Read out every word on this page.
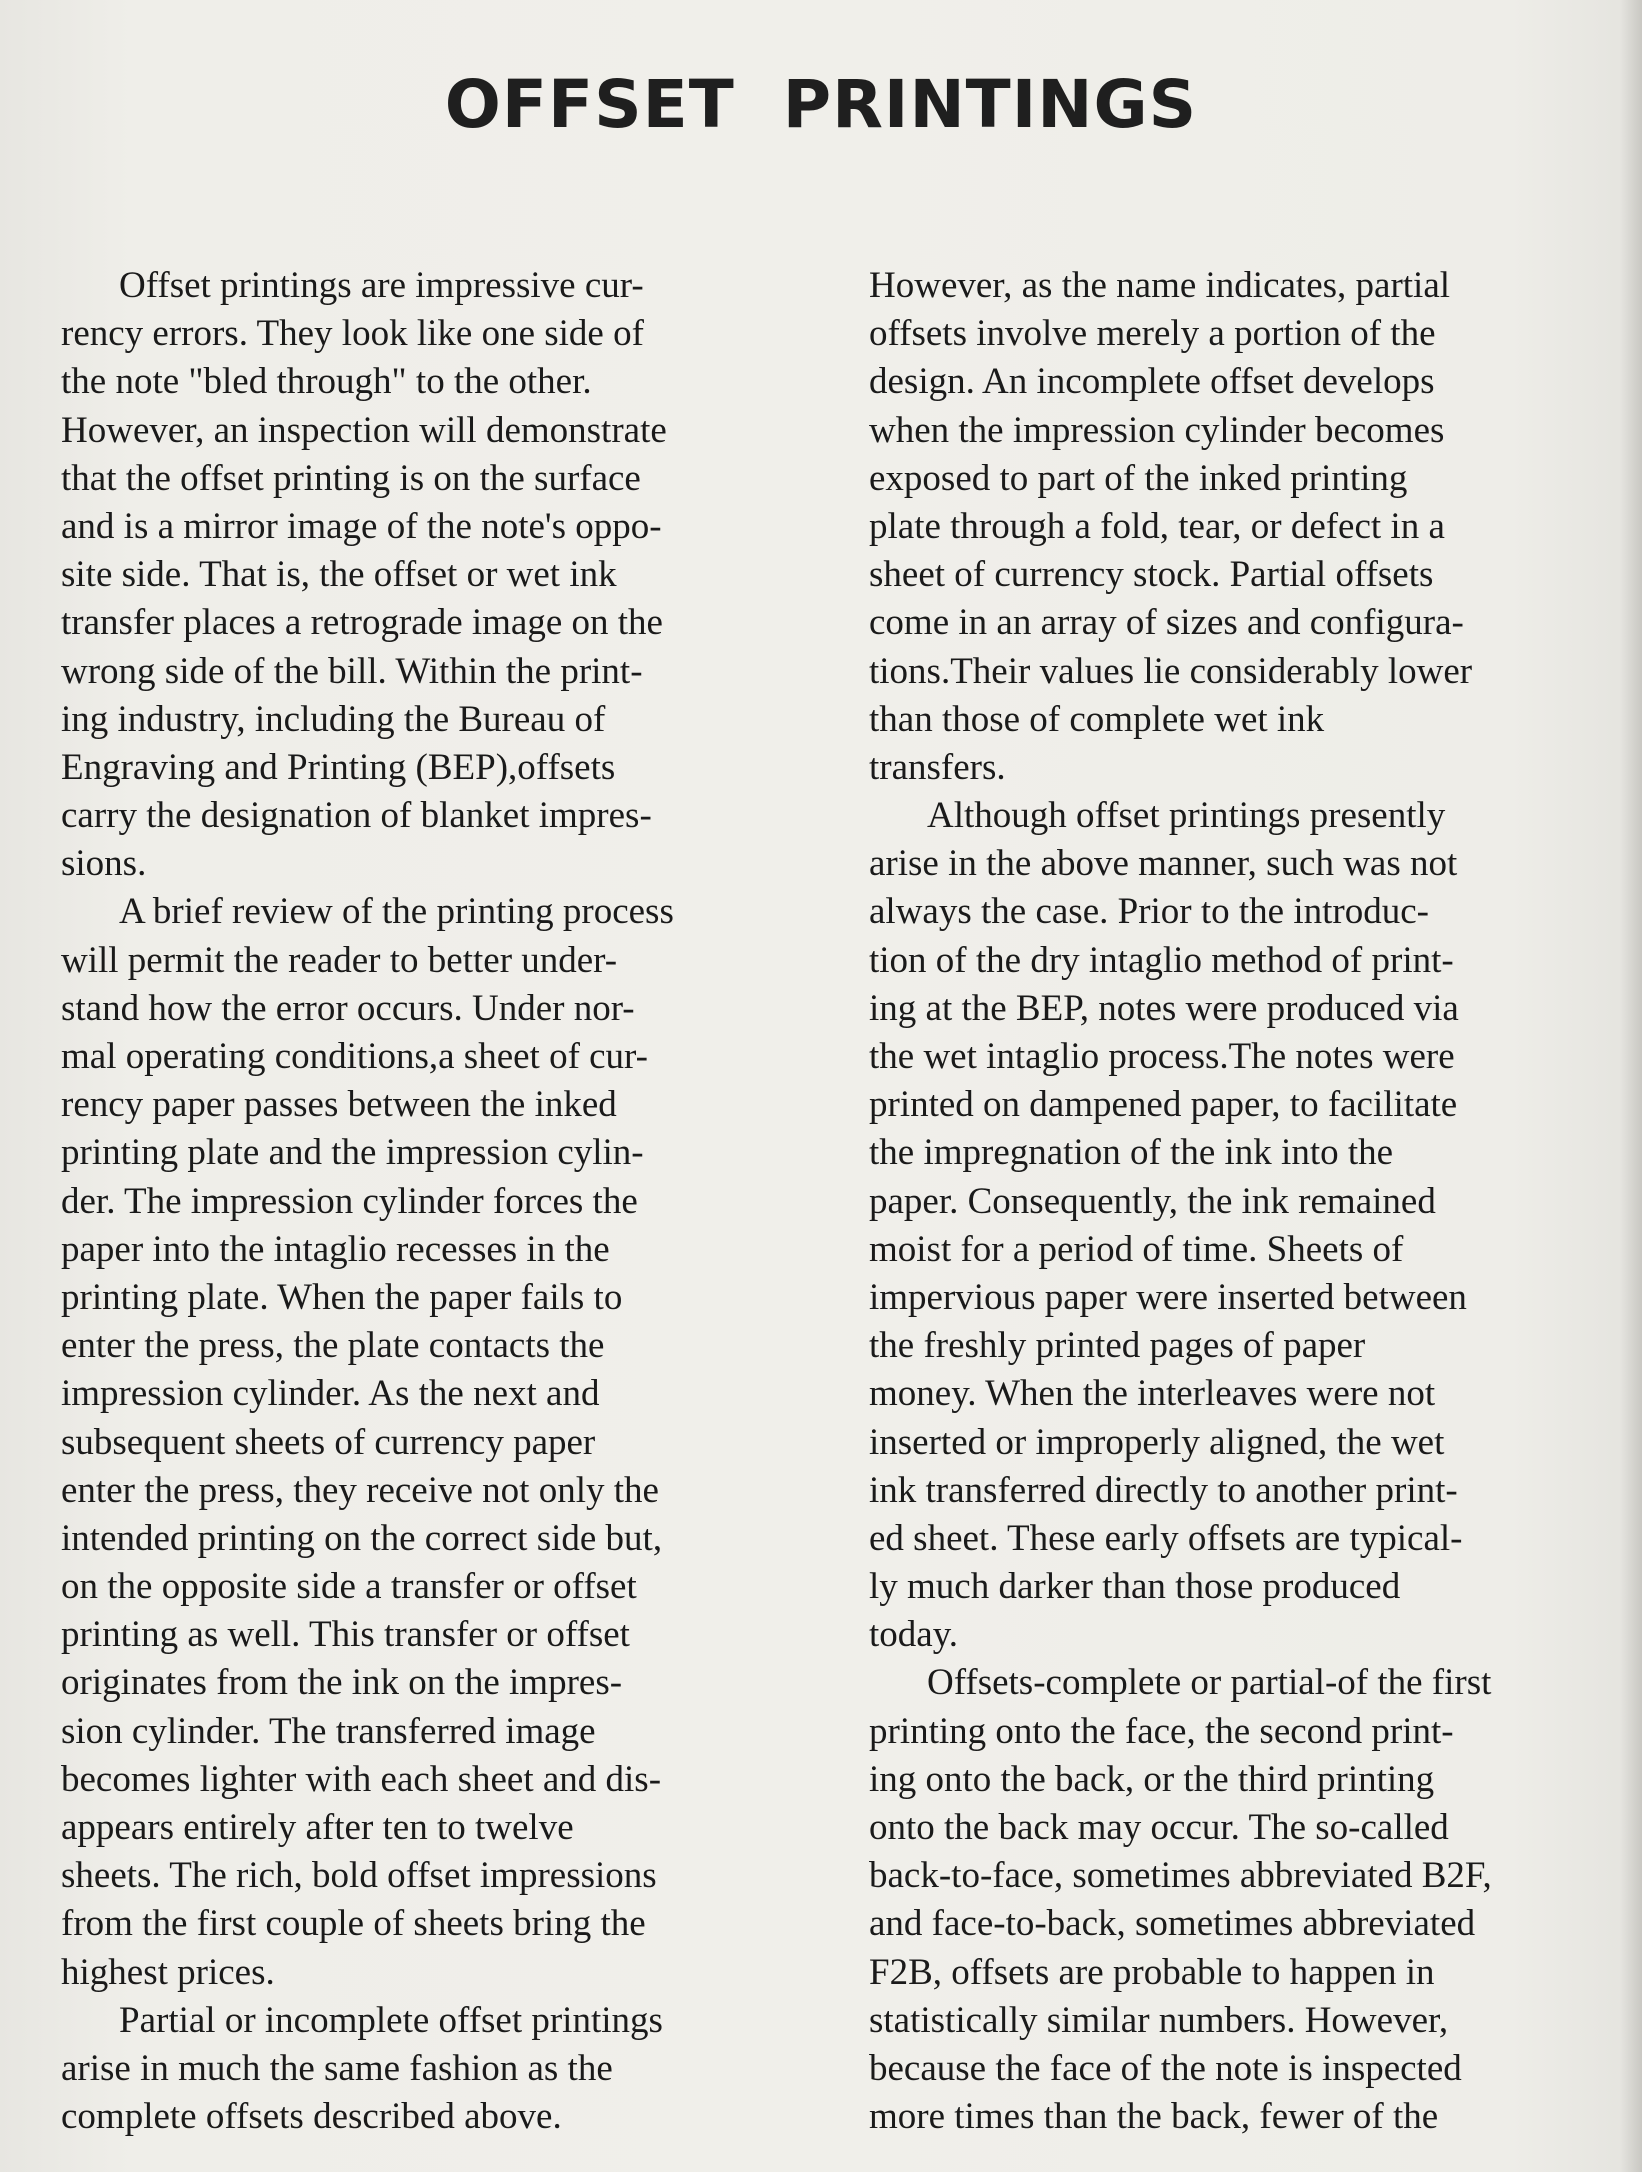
OFFSET PRINTINGS
Offset printings are impressive cur-
rency errors. They look like one side of
the note "bled through" to the other.
However, an inspection will demonstrate
that the offset printing is on the surface
and is a mirror image of the note's oppo-
site side. That is, the offset or wet ink
transfer places a retrograde image on the
wrong side of the bill. Within the print-
ing industry, including the Bureau of
Engraving and Printing (BEP),offsets
carry the designation of blanket impres-
sions.
A brief review of the printing process
will permit the reader to better under-
stand how the error occurs. Under nor-
mal operating conditions,a sheet of cur-
rency paper passes between the inked
printing plate and the impression cylin-
der. The impression cylinder forces the
paper into the intaglio recesses in the
printing plate. When the paper fails to
enter the press, the plate contacts the
impression cylinder. As the next and
subsequent sheets of currency paper
enter the press, they receive not only the
intended printing on the correct side but,
on the opposite side a transfer or offset
printing as well. This transfer or offset
originates from the ink on the impres-
sion cylinder. The transferred image
becomes lighter with each sheet and dis-
appears entirely after ten to twelve
sheets. The rich, bold offset impressions
from the first couple of sheets bring the
highest prices.
Partial or incomplete offset printings
arise in much the same fashion as the
complete offsets described above.
However, as the name indicates, partial
offsets involve merely a portion of the
design. An incomplete offset develops
when the impression cylinder becomes
exposed to part of the inked printing
plate through a fold, tear, or defect in a
sheet of currency stock. Partial offsets
come in an array of sizes and configura-
tions.Their values lie considerably lower
than those of complete wet ink
transfers.
Although offset printings presently
arise in the above manner, such was not
always the case. Prior to the introduc-
tion of the dry intaglio method of print-
ing at the BEP, notes were produced via
the wet intaglio process.The notes were
printed on dampened paper, to facilitate
the impregnation of the ink into the
paper. Consequently, the ink remained
moist for a period of time. Sheets of
impervious paper were inserted between
the freshly printed pages of paper
money. When the interleaves were not
inserted or improperly aligned, the wet
ink transferred directly to another print-
ed sheet. These early offsets are typical-
ly much darker than those produced
today.
Offsets-complete or partial-of the first
printing onto the face, the second print-
ing onto the back, or the third printing
onto the back may occur. The so-called
back-to-face, sometimes abbreviated B2F,
and face-to-back, sometimes abbreviated
F2B, offsets are probable to happen in
statistically similar numbers. However,
because the face of the note is inspected
more times than the back, fewer of the
